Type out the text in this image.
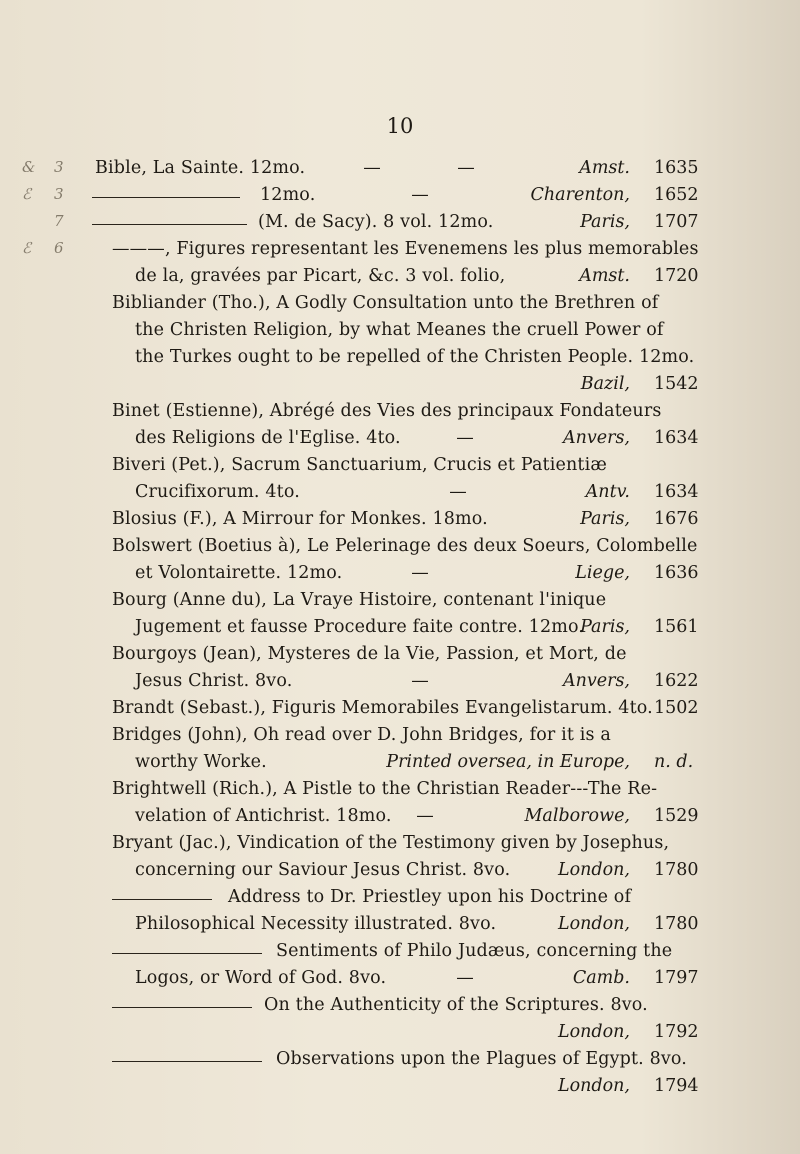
10
& 3 Bible, La Sainte. 12mo.	—	—	Amst. 1635
ℰ 3	12mo.	—	Charenton, 1652
7	(M. de Sacy). 8 vol. 12mo.	Paris, 1707
ℰ 6	———, Figures representant les Evenemens les plus memorables
de la, gravées par Picart, &c. 3 vol. folio,	Amst. 1720
Bibliander (Tho.), A Godly Consultation unto the Brethren of
the Christen Religion, by what Meanes the cruell Power of
the Turkes ought to be repelled of the Christen People. 12mo.
Bazil, 1542
Binet (Estienne), Abrégé des Vies des principaux Fondateurs
des Religions de l'Eglise. 4to.	—	Anvers, 1634
Biveri (Pet.), Sacrum Sanctuarium, Crucis et Patientiæ
Crucifixorum. 4to.	—	Antv. 1634
Blosius (F.), A Mirrour for Monkes. 18mo.	Paris, 1676
Bolswert (Boetius à), Le Pelerinage des deux Soeurs, Colombelle
et Volontairette. 12mo.	—	Liege, 1636
Bourg (Anne du), La Vraye Histoire, contenant l'inique
Jugement et fausse Procedure faite contre. 12mo.
Paris, 1561
Bourgoys (Jean), Mysteres de la Vie, Passion, et Mort, de
Jesus Christ. 8vo.	—	Anvers, 1622
Brandt (Sebast.), Figuris Memorabiles Evangelistarum. 4to. 1502
Bridges (John), Oh read over D. John Bridges, for it is a
worthy Worke.	Printed oversea, in Europe, n. d.
Brightwell (Rich.), A Pistle to the Christian Reader---The Re-
velation of Antichrist. 18mo.	—	Malborowe, 1529
Bryant (Jac.), Vindication of the Testimony given by Josephus,
concerning our Saviour Jesus Christ. 8vo.	London, 1780
Address to Dr. Priestley upon his Doctrine of
Philosophical Necessity illustrated. 8vo.	London, 1780
Sentiments of Philo Judæus, concerning the
Logos, or Word of God. 8vo.	—	Camb. 1797
On the Authenticity of the Scriptures. 8vo.
London, 1792
Observations upon the Plagues of Egypt. 8vo.
London, 1794
